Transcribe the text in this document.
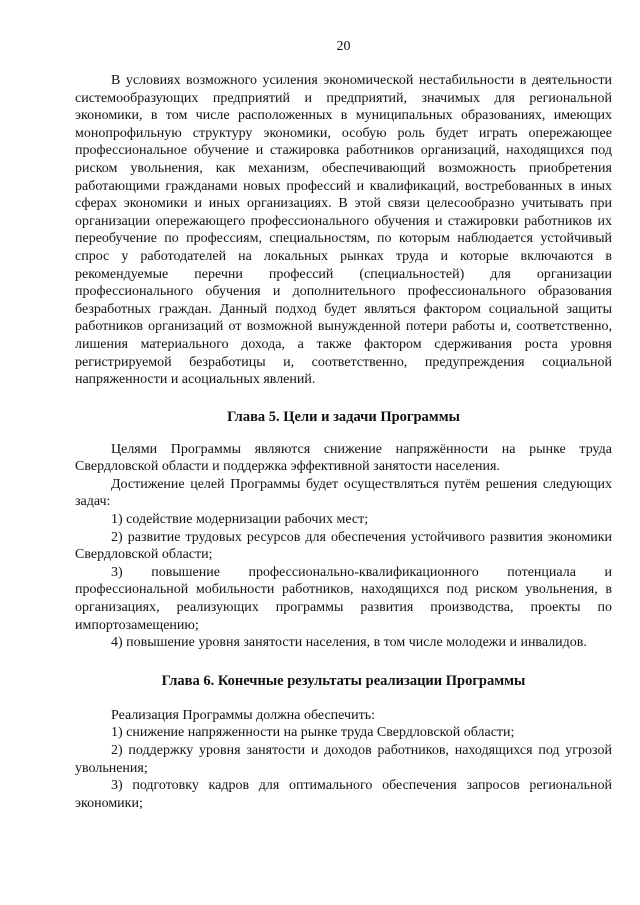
20

В условиях возможного усиления экономической нестабильности в деятельности системообразующих предприятий и предприятий, значимых для региональной экономики, в том числе расположенных в муниципальных образованиях, имеющих монопрофильную структуру экономики, особую роль будет играть опережающее профессиональное обучение и стажировка работников организаций, находящихся под риском увольнения, как механизм, обеспечивающий возможность приобретения работающими гражданами новых профессий и квалификаций, востребованных в иных сферах экономики и иных организациях. В этой связи целесообразно учитывать при организации опережающего профессионального обучения и стажировки работников их переобучение по профессиям, специальностям, по которым наблюдается устойчивый спрос у работодателей на локальных рынках труда и которые включаются в рекомендуемые перечни профессий (специальностей) для организации профессионального обучения и дополнительного профессионального образования безработных граждан. Данный подход будет являться фактором социальной защиты работников организаций от возможной вынужденной потери работы и, соответственно, лишения материального дохода, а также фактором сдерживания роста уровня регистрируемой безработицы и, соответственно, предупреждения социальной напряженности и асоциальных явлений.

Глава 5. Цели и задачи Программы

Целями Программы являются снижение напряжённости на рынке труда Свердловской области и поддержка эффективной занятости населения.

Достижение целей Программы будет осуществляться путём решения следующих задач:

1) содействие модернизации рабочих мест;

2) развитие трудовых ресурсов для обеспечения устойчивого развития экономики Свердловской области;

3) повышение профессионально-квалификационного потенциала и профессиональной мобильности работников, находящихся под риском увольнения, в организациях, реализующих программы развития производства, проекты по импортозамещению;

4) повышение уровня занятости населения, в том числе молодежи и инвалидов.

Глава 6. Конечные результаты реализации Программы

Реализация Программы должна обеспечить:

1) снижение напряженности на рынке труда Свердловской области;

2) поддержку уровня занятости и доходов работников, находящихся под угрозой увольнения;

3) подготовку кадров для оптимального обеспечения запросов региональной экономики;
